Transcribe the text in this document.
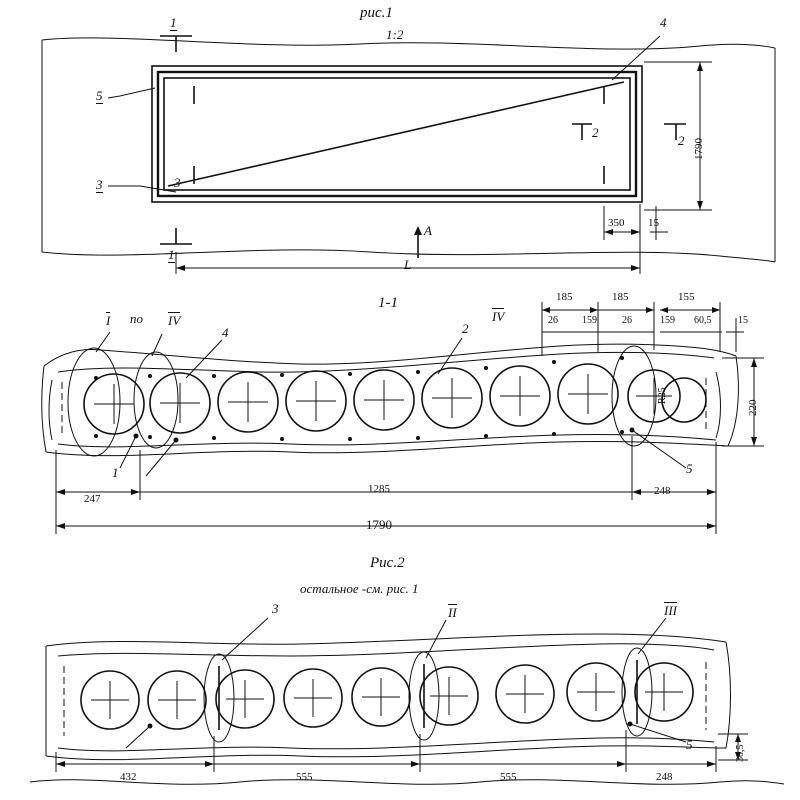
рис.1
1:2
1
1
5
3	3
4
2
2
A
L
1790
350 15
1-1
I по IV
4	2
IV
1	5
185	185	155
26 159	26	159 60,5	15
220
R25
247
1285	248
1790
Рис.2
остальное -см. рис. 1
3	II	III
5	30,5
432	555	555	248
